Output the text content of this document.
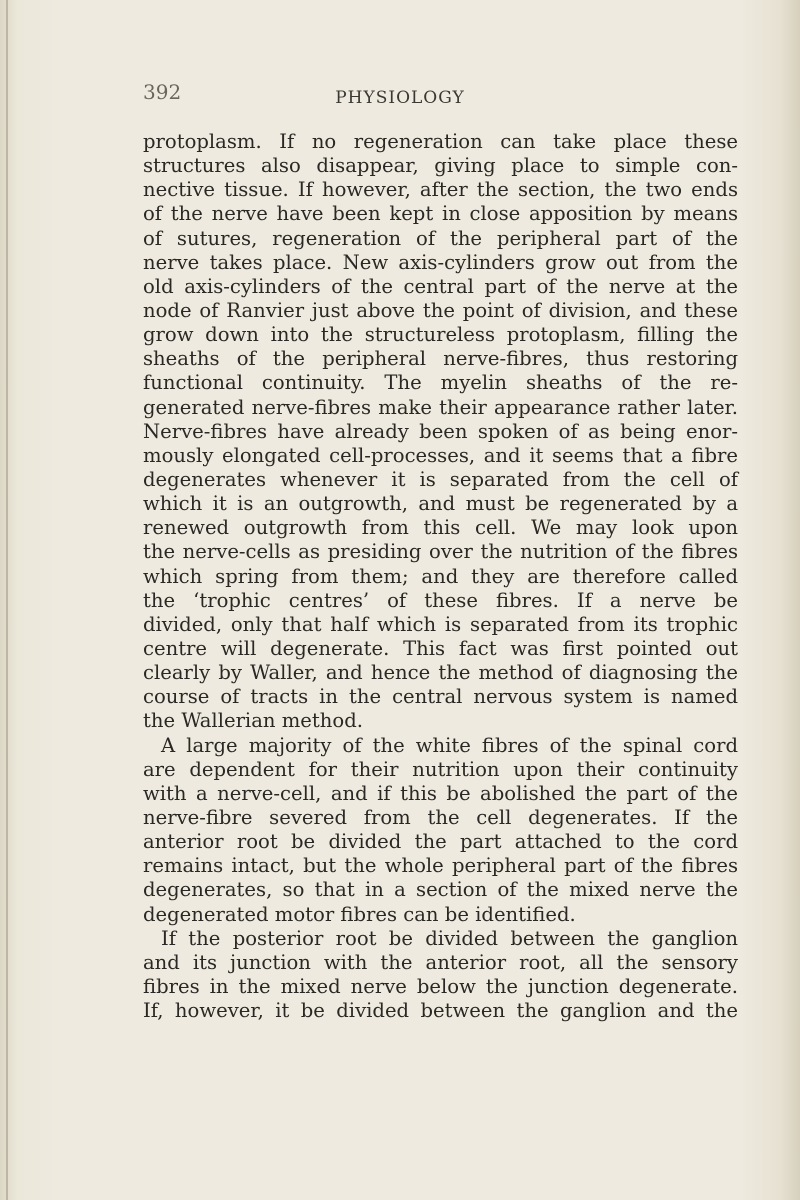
392	PHYSIOLOGY
protoplasm. If no regeneration can take place these
structures also disappear, giving place to simple con-
nective tissue. If however, after the section, the two ends
of the nerve have been kept in close apposition by means
of sutures, regeneration of the peripheral part of the
nerve takes place. New axis-cylinders grow out from the
old axis-cylinders of the central part of the nerve at the
node of Ranvier just above the point of division, and these
grow down into the structureless protoplasm, filling the
sheaths of the peripheral nerve-fibres, thus restoring
functional continuity. The myelin sheaths of the re-
generated nerve-fibres make their appearance rather later.
Nerve-fibres have already been spoken of as being enor-
mously elongated cell-processes, and it seems that a fibre
degenerates whenever it is separated from the cell of
which it is an outgrowth, and must be regenerated by a
renewed outgrowth from this cell. We may look upon
the nerve-cells as presiding over the nutrition of the fibres
which spring from them; and they are therefore called
the ‘trophic centres’ of these fibres. If a nerve be
divided, only that half which is separated from its trophic
centre will degenerate. This fact was first pointed out
clearly by Waller, and hence the method of diagnosing the
course of tracts in the central nervous system is named
the Wallerian method.
A large majority of the white fibres of the spinal cord
are dependent for their nutrition upon their continuity
with a nerve-cell, and if this be abolished the part of the
nerve-fibre severed from the cell degenerates. If the
anterior root be divided the part attached to the cord
remains intact, but the whole peripheral part of the fibres
degenerates, so that in a section of the mixed nerve the
degenerated motor fibres can be identified.
If the posterior root be divided between the ganglion
and its junction with the anterior root, all the sensory
fibres in the mixed nerve below the junction degenerate.
If, however, it be divided between the ganglion and the
